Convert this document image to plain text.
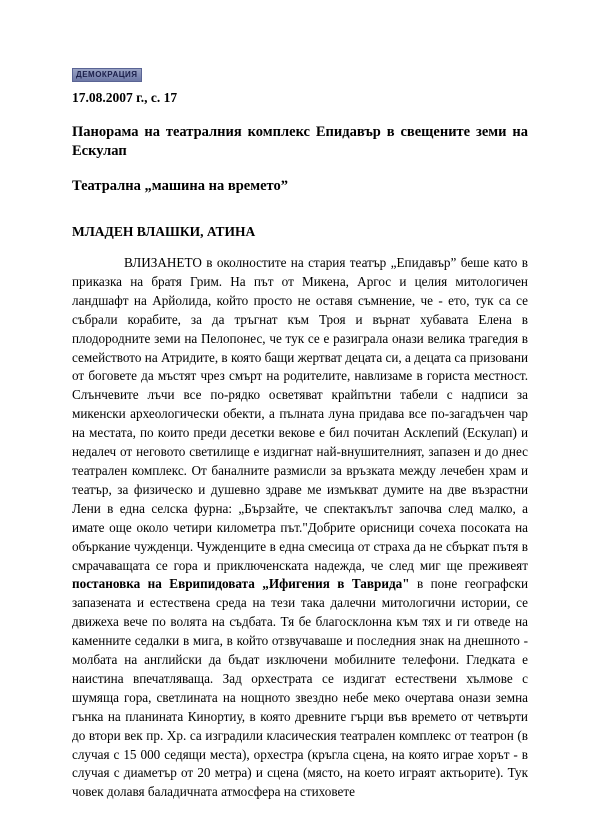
ДЕМОКРАЦИЯ
17.08.2007 г., с. 17
Панорама на театралния комплекс Епидавър в свещените земи на Ескулап
Театрална „машина на времето”
МЛАДЕН ВЛАШКИ, АТИНА

ВЛИЗАНЕТО в околностите на стария театър „Епидавър” беше като в приказка на братя Грим. На път от Микена, Аргос и целия митологичен ландшафт на Арйолида, който просто не оставя съмнение, че - ето, тук са се събрали корабите, за да тръгнат към Троя и върнат хубавата Елена в плодородните земи на Пелопонес, че тук се е разиграла онази велика трагедия в семейството на Атридите, в която бащи жертват децата си, а децата са призовани от боговете да мъстят чрез смърт на родителите, навлизаме в гориста местност. Слънчевите лъчи все по-рядко осветяват крайпътни табели с надписи за микенски археологически обекти, а пълната луна придава все по-загадъчен чар на местата, по които преди десетки векове е бил почитан Асклепий (Ескулап) и недалеч от неговото светилище е издигнат най-внушителният, запазен и до днес театрален комплекс. От баналните размисли за връзката между лечебен храм и театър, за физическо и душевно здраве ме измъкват думите на две възрастни Лени в една селска фурна: „Бързайте, че спектакълът започва след малко, а имате още около четири километра път."Добрите орисници сочеха посоката на объркание чужденци. Чужденците в една смесица от страха да не сбъркат пътя в смрачаващата се гора и приключенската надежда, че след миг ще преживеят постановка на Еврипидовата „Ифигения в Таврида" в поне географски запазената и естествена среда на тези така далечни митологични истории, се движеха вече по волята на съдбата. Тя бе благосклонна към тях и ги отведе на каменните седалки в мига, в който отзвучаваше и последния знак на днешното - молбата на английски да бъдат изключени мобилните телефони. Гледката е наистина впечатляваща. Зад орхестрата се издигат естествени хълмове с шумяща гора, светлината на нощното звездно небе меко очертава онази земна гънка на планината Кинортиу, в която древните гърци във времето от четвърти до втори век пр. Хр. са изградили класическия театрален комплекс от театрон (в случая с 15 000 седящи места), орхестра (кръгла сцена, на която играе хорът - в случая с диаметър от 20 метра) и сцена (място, на което играят актьорите). Тук човек долавя баладичната атмосфера на стиховете
